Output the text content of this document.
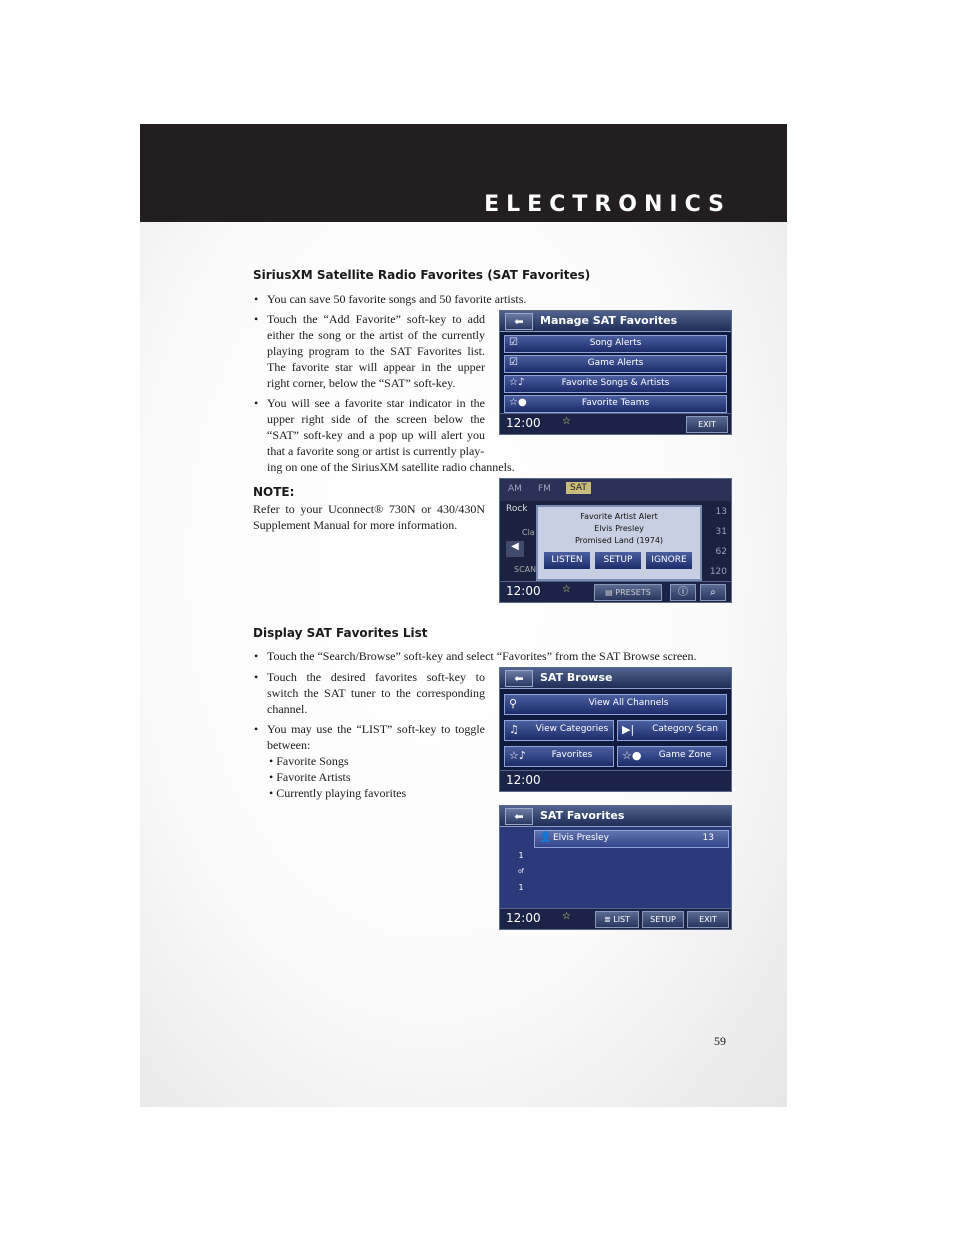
ELECTRONICS
SiriusXM Satellite Radio Favorites (SAT Favorites)
• You can save 50 favorite songs and 50 favorite artists.
• Touch the “Add Favorite” soft-key to add either the song or the artist of the currently playing program to the SAT Favorites list. The favorite star will appear in the upper right corner, below the “SAT” soft-key.
• You will see a favorite star indicator in the upper right side of the screen below the “SAT” soft-key and a pop up will alert you that a favorite song or artist is currently play-
ing on one of the SiriusXM satellite radio channels.
NOTE:
Refer to your Uconnect® 730N or 430/430N Supplement Manual for more information.
⬅	Manage SAT Favorites
☑	Song Alerts
☑	Game Alerts
☆♪	Favorite Songs & Artists
☆●	Favorite Teams
12:00 ☆	EXIT
AM FM	SAT
Rock
Cla
◀
SCAN
13
31
62
120
Favorite Artist Alert
Elvis Presley
Promised Land (1974)
LISTEN	SETUP	IGNORE
12:00 ☆	▤ PRESETS	ⓘ	⌕
Display SAT Favorites List
• Touch the “Search/Browse” soft-key and select “Favorites” from the SAT Browse screen.
• Touch the desired favorites soft-key to switch the SAT tuner to the corresponding channel.
• You may use the “LIST” soft-key to toggle between:
• Favorite Songs
• Favorite Artists
• Currently playing favorites
⬅	SAT Browse
⚲	View All Channels
♫	View Categories	▶|	Category Scan
☆♪	Favorites	☆●	Game Zone
12:00
⬅	SAT Favorites
👤 Elvis Presley	13
1
of
1
12:00 ☆	≣ LIST	SETUP	EXIT
59
